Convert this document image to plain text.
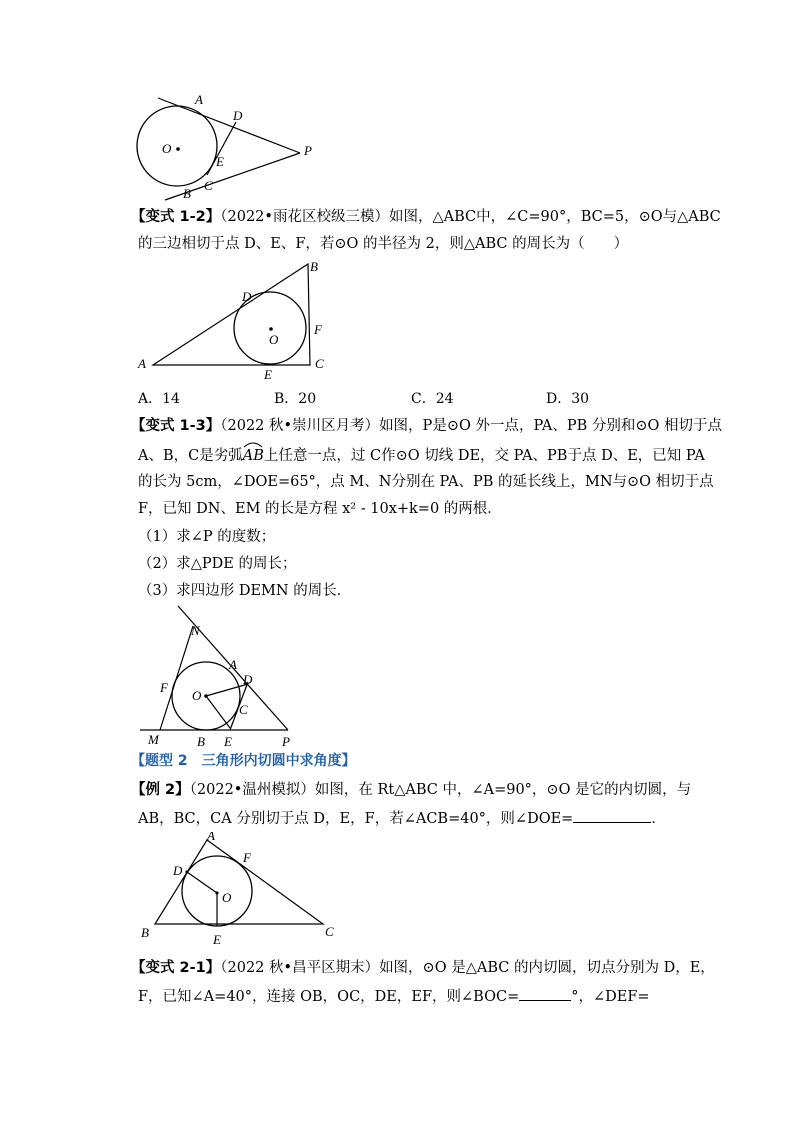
A
D
O
E
P
C
B
【变式 1-2】（2022•雨花区校级三模）如图，△ABC中，∠C=90°，BC=5，⊙O与△ABC
的三边相切于点 D、E、F，若⊙O 的半径为 2，则△ABC 的周长为（　　）
B
D
F
O
A	C
E
A．14	B．20	C．24	D．30
【变式 1-3】（2022 秋•崇川区月考）如图，P是⊙O 外一点，PA、PB 分别和⊙O 相切于点
A、B，C是劣弧
AB上任意一点，过 C作⊙O 切线 DE，交 PA、PB于点 D、E，已知 PA
的长为 5cm，∠DOE=65°，点 M、N分别在 PA、PB 的延长线上，MN与⊙O 相切于点
F，已知 DN、EM 的长是方程 x² - 10x+k=0 的两根．
（1）求∠P 的度数；
（2）求△PDE 的周长；
（3）求四边形 DEMN 的周长．
N
A
D
F
O
C
M	B E	P
【题型 2　三角形内切圆中求角度】
【例 2】（2022•温州模拟）如图，在 Rt△ABC 中，∠A=90°，⊙O 是它的内切圆，与
AB，BC，CA 分别切于点 D，E，F，若∠ACB=40°，则∠DOE=	．
A
F
D
O
B	E
C
【变式 2-1】（2022 秋•昌平区期末）如图，⊙O 是△ABC 的内切圆，切点分别为 D，E，
F，已知∠A=40°，连接 OB，OC，DE，EF，则∠BOC=	°，∠DEF=
